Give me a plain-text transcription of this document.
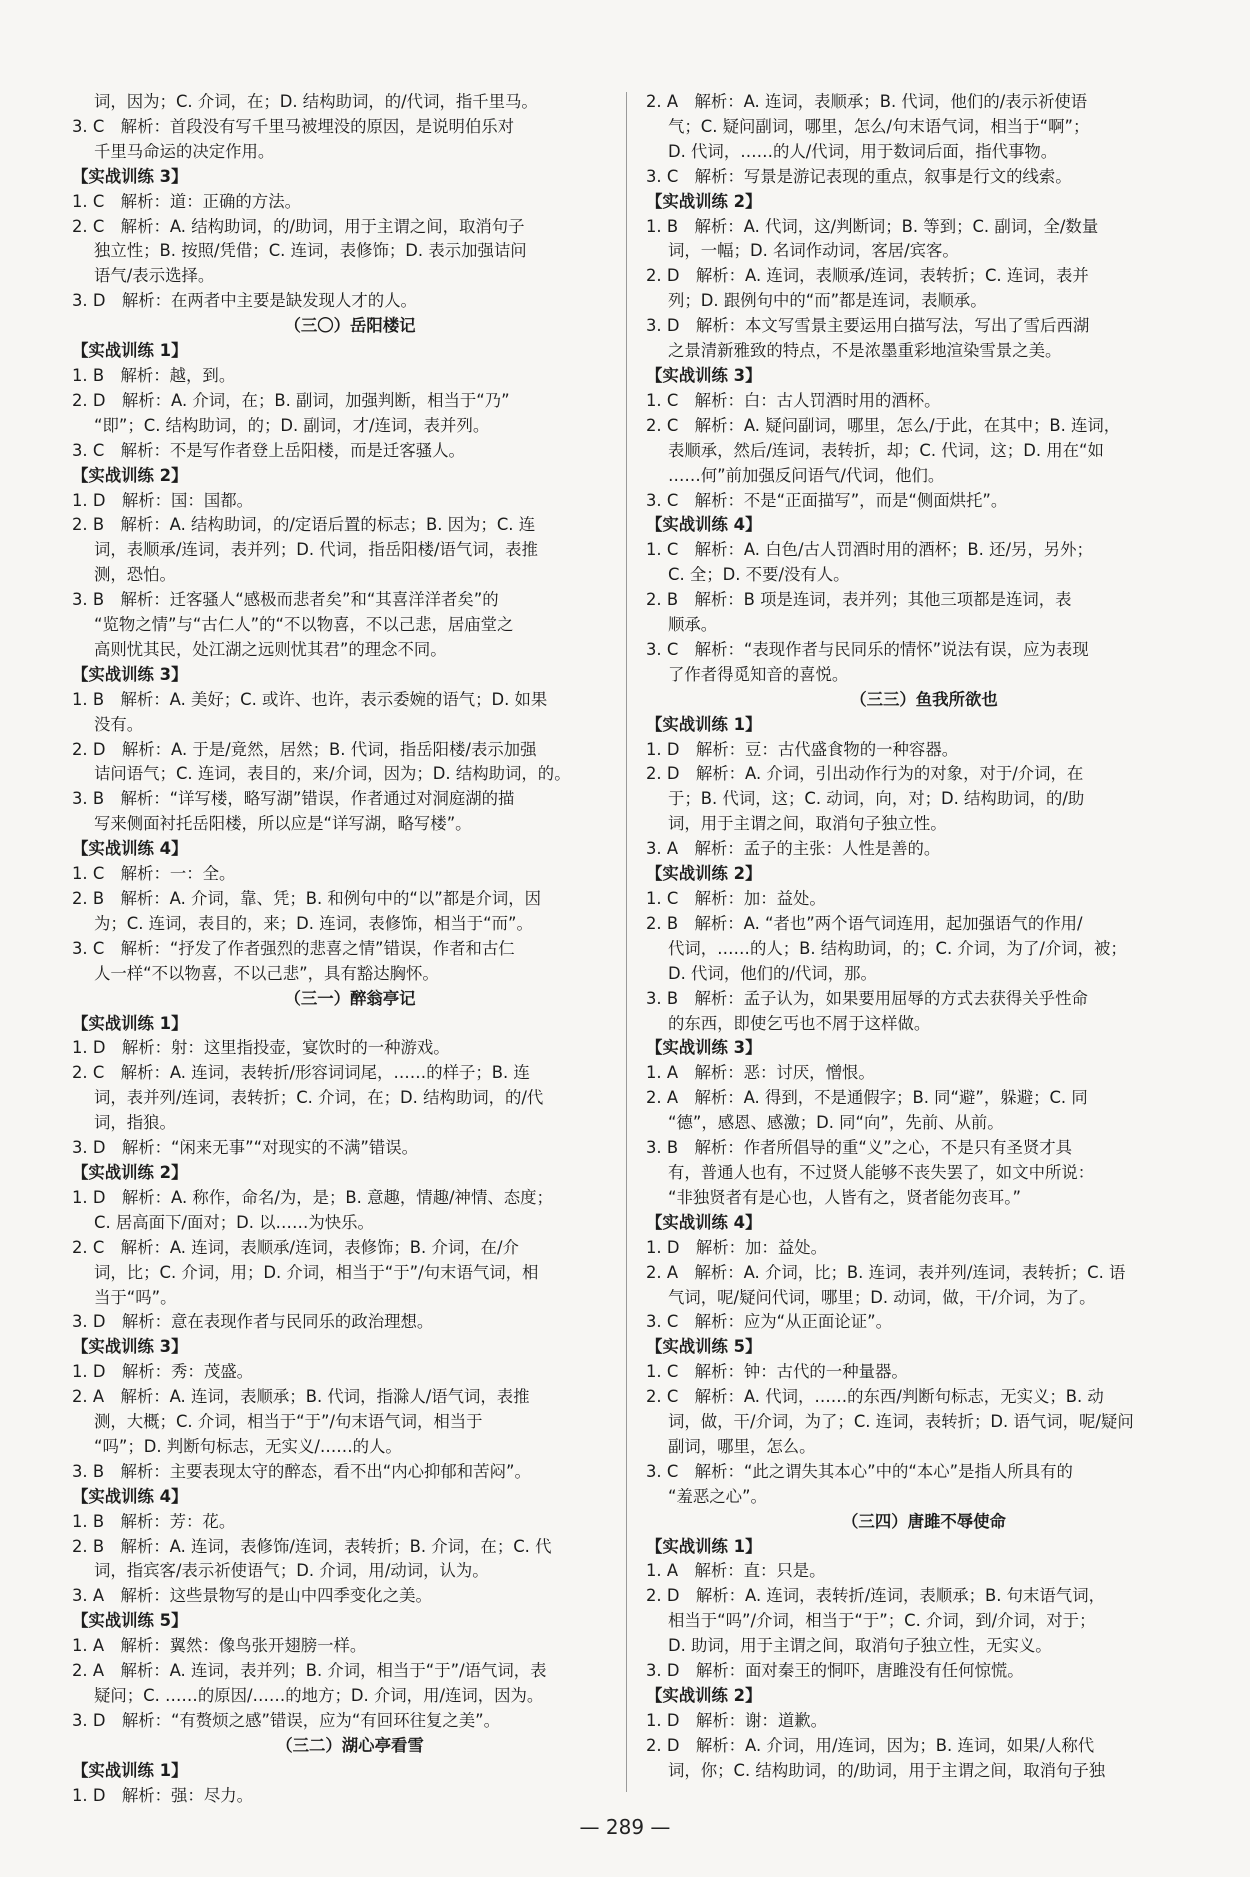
词，因为；C. 介词，在；D. 结构助词，的/代词，指千里马。
3. C　解析：首段没有写千里马被埋没的原因，是说明伯乐对
千里马命运的决定作用。
【实战训练 3】
1. C　解析：道：正确的方法。
2. C　解析：A. 结构助词，的/助词，用于主谓之间，取消句子
独立性；B. 按照/凭借；C. 连词，表修饰；D. 表示加强诘问
语气/表示选择。
3. D　解析：在两者中主要是缺发现人才的人。
（三〇）岳阳楼记
【实战训练 1】
1. B　解析：越，到。
2. D　解析：A. 介词，在；B. 副词，加强判断，相当于“乃”
“即”；C. 结构助词，的；D. 副词，才/连词，表并列。
3. C　解析：不是写作者登上岳阳楼，而是迁客骚人。
【实战训练 2】
1. D　解析：国：国都。
2. B　解析：A. 结构助词，的/定语后置的标志；B. 因为；C. 连
词，表顺承/连词，表并列；D. 代词，指岳阳楼/语气词，表推
测，恐怕。
3. B　解析：迁客骚人“感极而悲者矣”和“其喜洋洋者矣”的
“览物之情”与“古仁人”的“不以物喜，不以己悲，居庙堂之
高则忧其民，处江湖之远则忧其君”的理念不同。
【实战训练 3】
1. B　解析：A. 美好；C. 或许、也许，表示委婉的语气；D. 如果
没有。
2. D　解析：A. 于是/竟然，居然；B. 代词，指岳阳楼/表示加强
诘问语气；C. 连词，表目的，来/介词，因为；D. 结构助词，的。
3. B　解析：“详写楼，略写湖”错误，作者通过对洞庭湖的描
写来侧面衬托岳阳楼，所以应是“详写湖，略写楼”。
【实战训练 4】
1. C　解析：一：全。
2. B　解析：A. 介词，靠、凭；B. 和例句中的“以”都是介词，因
为；C. 连词，表目的，来；D. 连词，表修饰，相当于“而”。
3. C　解析：“抒发了作者强烈的悲喜之情”错误，作者和古仁
人一样“不以物喜，不以己悲”，具有豁达胸怀。
（三一）醉翁亭记
【实战训练 1】
1. D　解析：射：这里指投壶，宴饮时的一种游戏。
2. C　解析：A. 连词，表转折/形容词词尾，……的样子；B. 连
词，表并列/连词，表转折；C. 介词，在；D. 结构助词，的/代
词，指狼。
3. D　解析：“闲来无事”“对现实的不满”错误。
【实战训练 2】
1. D　解析：A. 称作，命名/为，是；B. 意趣，情趣/神情、态度；
C. 居高面下/面对；D. 以……为快乐。
2. C　解析：A. 连词，表顺承/连词，表修饰；B. 介词，在/介
词，比；C. 介词，用；D. 介词，相当于“于”/句末语气词，相
当于“吗”。
3. D　解析：意在表现作者与民同乐的政治理想。
【实战训练 3】
1. D　解析：秀：茂盛。
2. A　解析：A. 连词，表顺承；B. 代词，指滁人/语气词，表推
测，大概；C. 介词，相当于“于”/句末语气词，相当于
“吗”；D. 判断句标志，无实义/……的人。
3. B　解析：主要表现太守的醉态，看不出“内心抑郁和苦闷”。
【实战训练 4】
1. B　解析：芳：花。
2. B　解析：A. 连词，表修饰/连词，表转折；B. 介词，在；C. 代
词，指宾客/表示祈使语气；D. 介词，用/动词，认为。
3. A　解析：这些景物写的是山中四季变化之美。
【实战训练 5】
1. A　解析：翼然：像鸟张开翅膀一样。
2. A　解析：A. 连词，表并列；B. 介词，相当于“于”/语气词，表
疑问；C. ……的原因/……的地方；D. 介词，用/连词，因为。
3. D　解析：“有赘烦之感”错误，应为“有回环往复之美”。
（三二）湖心亭看雪
【实战训练 1】
1. D　解析：强：尽力。
2. A　解析：A. 连词，表顺承；B. 代词，他们的/表示祈使语
气；C. 疑问副词，哪里，怎么/句末语气词，相当于“啊”；
D. 代词，……的人/代词，用于数词后面，指代事物。
3. C　解析：写景是游记表现的重点，叙事是行文的线索。
【实战训练 2】
1. B　解析：A. 代词，这/判断词；B. 等到；C. 副词，全/数量
词，一幅；D. 名词作动词，客居/宾客。
2. D　解析：A. 连词，表顺承/连词，表转折；C. 连词，表并
列；D. 跟例句中的“而”都是连词，表顺承。
3. D　解析：本文写雪景主要运用白描写法，写出了雪后西湖
之景清新雅致的特点，不是浓墨重彩地渲染雪景之美。
【实战训练 3】
1. C　解析：白：古人罚酒时用的酒杯。
2. C　解析：A. 疑问副词，哪里，怎么/于此，在其中；B. 连词，
表顺承，然后/连词，表转折，却；C. 代词，这；D. 用在“如
……何”前加强反问语气/代词，他们。
3. C　解析：不是“正面描写”，而是“侧面烘托”。
【实战训练 4】
1. C　解析：A. 白色/古人罚酒时用的酒杯；B. 还/另，另外；
C. 全；D. 不要/没有人。
2. B　解析：B 项是连词，表并列；其他三项都是连词，表
顺承。
3. C　解析：“表现作者与民同乐的情怀”说法有误，应为表现
了作者得觅知音的喜悦。
（三三）鱼我所欲也
【实战训练 1】
1. D　解析：豆：古代盛食物的一种容器。
2. D　解析：A. 介词，引出动作行为的对象，对于/介词，在
于；B. 代词，这；C. 动词，向，对；D. 结构助词，的/助
词，用于主谓之间，取消句子独立性。
3. A　解析：孟子的主张：人性是善的。
【实战训练 2】
1. C　解析：加：益处。
2. B　解析：A. “者也”两个语气词连用，起加强语气的作用/
代词，……的人；B. 结构助词，的；C. 介词，为了/介词，被；
D. 代词，他们的/代词，那。
3. B　解析：孟子认为，如果要用屈辱的方式去获得关乎性命
的东西，即使乞丐也不屑于这样做。
【实战训练 3】
1. A　解析：恶：讨厌，憎恨。
2. A　解析：A. 得到，不是通假字；B. 同“避”，躲避；C. 同
“德”，感恩、感激；D. 同“向”，先前、从前。
3. B　解析：作者所倡导的重“义”之心，不是只有圣贤才具
有，普通人也有，不过贤人能够不丧失罢了，如文中所说：
“非独贤者有是心也，人皆有之，贤者能勿丧耳。”
【实战训练 4】
1. D　解析：加：益处。
2. A　解析：A. 介词，比；B. 连词，表并列/连词，表转折；C. 语
气词，呢/疑问代词，哪里；D. 动词，做，干/介词，为了。
3. C　解析：应为“从正面论证”。
【实战训练 5】
1. C　解析：钟：古代的一种量器。
2. C　解析：A. 代词，……的东西/判断句标志，无实义；B. 动
词，做，干/介词，为了；C. 连词，表转折；D. 语气词，呢/疑问
副词，哪里，怎么。
3. C　解析：“此之谓失其本心”中的“本心”是指人所具有的
“羞恶之心”。
（三四）唐雎不辱使命
【实战训练 1】
1. A　解析：直：只是。
2. D　解析：A. 连词，表转折/连词，表顺承；B. 句末语气词，
相当于“吗”/介词，相当于“于”；C. 介词，到/介词，对于；
D. 助词，用于主谓之间，取消句子独立性，无实义。
3. D　解析：面对秦王的恫吓，唐雎没有任何惊慌。
【实战训练 2】
1. D　解析：谢：道歉。
2. D　解析：A. 介词，用/连词，因为；B. 连词，如果/人称代
词，你；C. 结构助词，的/助词，用于主谓之间，取消句子独
— 289 —
